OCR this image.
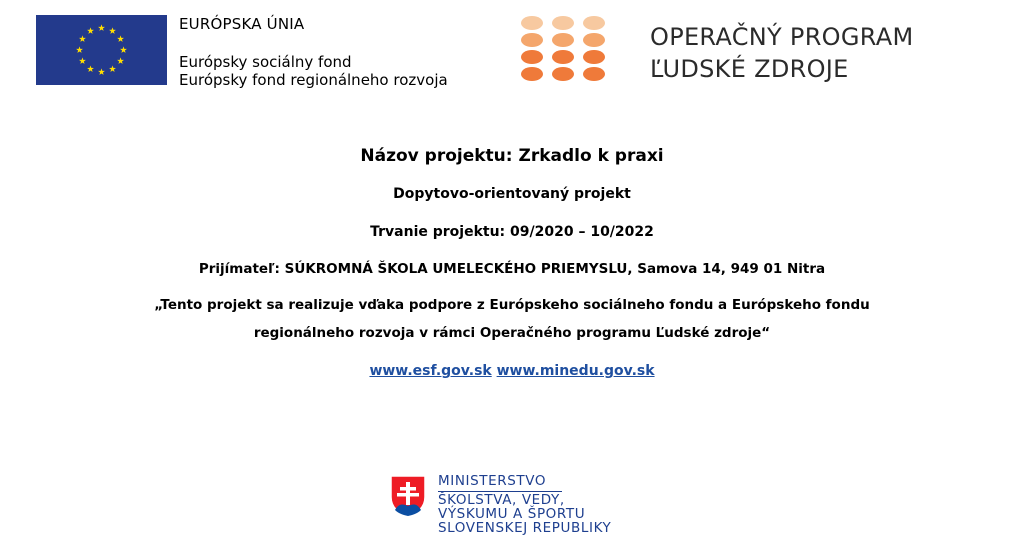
EURÓPSKA ÚNIA
Európsky sociálny fond
Európsky fond regionálneho rozvoja
OPERAČNÝ PROGRAM
ĽUDSKÉ ZDROJE
Názov projektu: Zrkadlo k praxi
Dopytovo-orientovaný projekt
Trvanie projektu: 09/2020 – 10/2022
Prijímateľ: SÚKROMNÁ ŠKOLA UMELECKÉHO PRIEMYSLU, Samova 14, 949 01 Nitra
„Tento projekt sa realizuje vďaka podpore z Európskeho sociálneho fondu a Európskeho fondu
regionálneho rozvoja v rámci Operačného programu Ľudské zdroje“
www.esf.gov.sk www.minedu.gov.sk
MINISTERSTVO
ŠKOLSTVA, VEDY,
VÝSKUMU A ŠPORTU
SLOVENSKEJ REPUBLIKY
